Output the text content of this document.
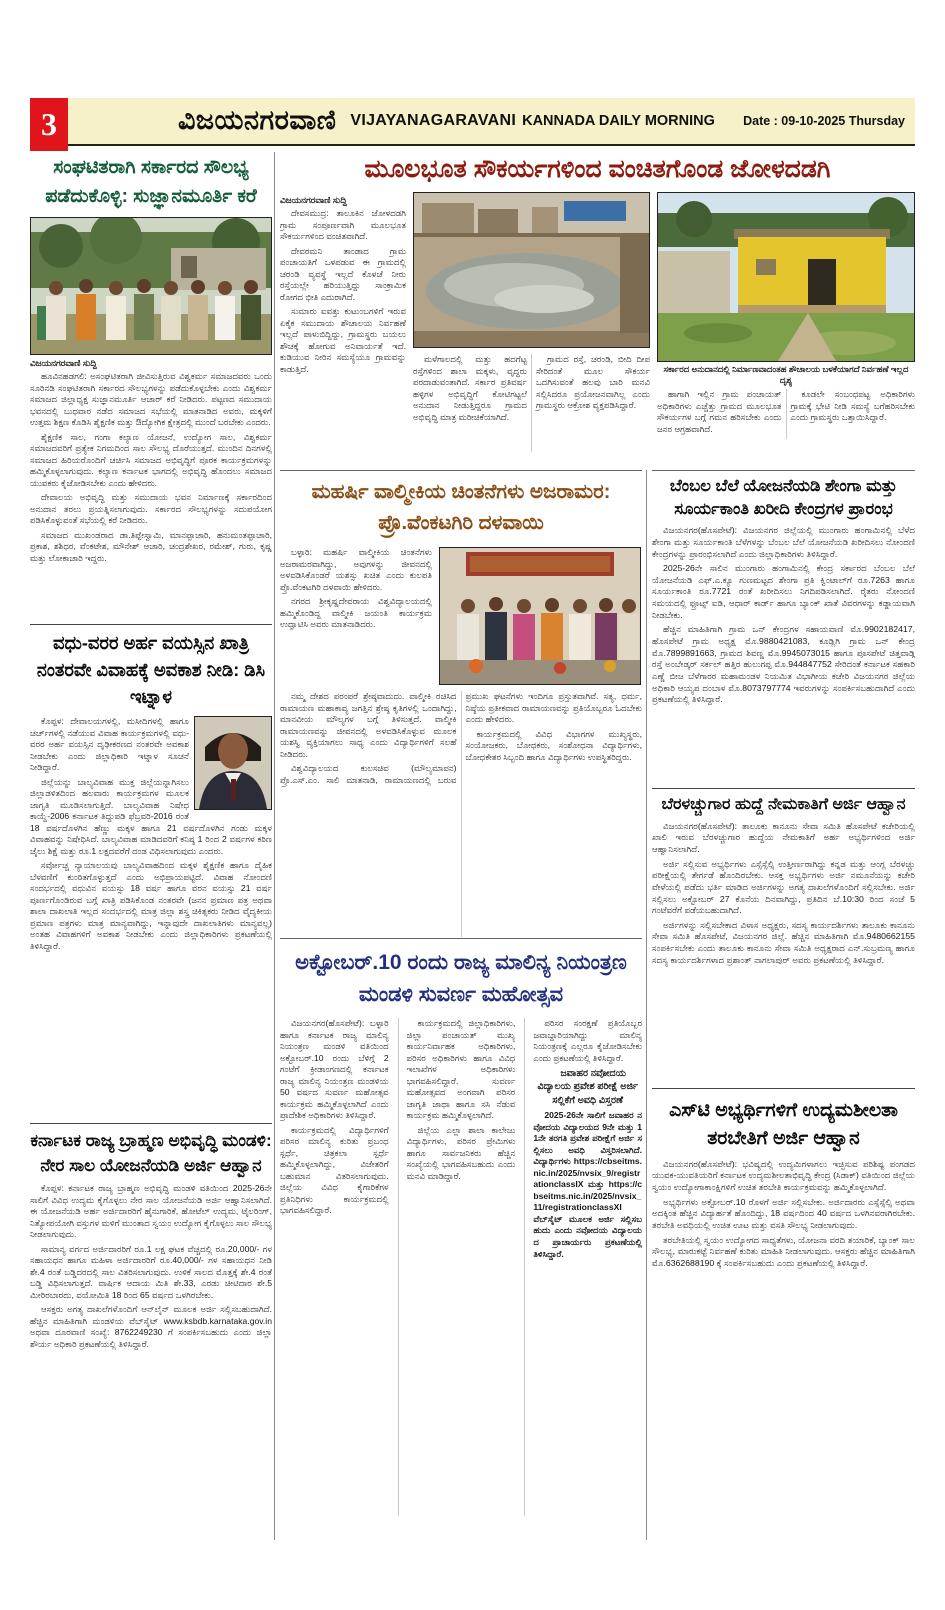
3	ವಿಜಯನಗರವಾಣಿ VIJAYANAGARAVANI KANNADA DAILY MORNING Date : 09-10-2025 Thursday
ಸಂಘಟಿತರಾಗಿ ಸರ್ಕಾರದ ಸೌಲಭ್ಯ ಪಡೆದುಕೊಳ್ಳಿ: ಸುಜ್ಞಾನಮೂರ್ತಿ ಕರೆ
ವಿಜಯನಗರವಾಣಿ ಸುದ್ದಿ

ಹೂವಿನಹಡಗಲಿ: ಅಸಂಘಟಿತರಾಗಿ ಜೀವಿಸುತ್ತಿರುವ ವಿಶ್ವಕರ್ಮ ಸಮಾಜದವರು ಒಂದು ಸೂರಿನಡಿ ಸಂಘಟಿತರಾಗಿ ಸರ್ಕಾರದ ಸೌಲಭ್ಯಗಳನ್ನು ಪಡೆದುಕೊಳ್ಳಬೇಕು ಎಂದು ವಿಶ್ವಕರ್ಮ ಸಮಾಜದ ಜಿಲ್ಲಾಧ್ಯಕ್ಷ ಸುಜ್ಞಾನಮೂರ್ತಿ ಆಚಾರ್ ಕರೆ ನೀಡಿದರು. ಪಟ್ಟಣದ ಸಮುದಾಯ ಭವನದಲ್ಲಿ ಬುಧವಾರ ನಡೆದ ಸಮಾಜದ ಸಭೆಯಲ್ಲಿ ಮಾತನಾಡಿದ ಅವರು, ಮಕ್ಕಳಿಗೆ ಉತ್ತಮ ಶಿಕ್ಷಣ ಕೊಡಿಸಿ ಶೈಕ್ಷಣಿಕ ಮತ್ತು ಔದ್ಯೋಗಿಕ ಕ್ಷೇತ್ರದಲ್ಲಿ ಮುಂದೆ ಬರಬೇಕು ಎಂದರು.

ಶೈಕ್ಷಣಿಕ ಸಾಲ, ಗಂಗಾ ಕಲ್ಯಾಣ ಯೋಜನೆ, ಉದ್ಯೋಗ ಸಾಲ, ವಿಶ್ವಕರ್ಮ ಸಮಾಜದವರಿಗೆ ಪ್ರತ್ಯೇಕ ನಿಗಮದಿಂದ ಸಾಲ ಸೌಲಭ್ಯ ದೊರೆಯುತ್ತದೆ. ಮುಂದಿನ ದಿನಗಳಲ್ಲಿ ಸಮಾಜದ ಹಿರಿಯರೊಂದಿಗೆ ಚರ್ಚಿಸಿ ಸಮಾಜದ ಅಭಿವೃದ್ಧಿಗೆ ಪೂರಕ ಕಾರ್ಯಕ್ರಮಗಳನ್ನು ಹಮ್ಮಿಕೊಳ್ಳಲಾಗುವುದು. ಕಲ್ಯಾಣ ಕರ್ನಾಟಕ ಭಾಗದಲ್ಲಿ ಅಭಿವೃದ್ಧಿ ಹೊಂದಲು ಸಮಾಜದ ಯುವಕರು ಕೈಜೋಡಿಸಬೇಕು ಎಂದು ಹೇಳಿದರು.

ದೇವಾಲಯ ಅಭಿವೃದ್ಧಿ ಮತ್ತು ಸಮುದಾಯ ಭವನ ನಿರ್ಮಾಣಕ್ಕೆ ಸರ್ಕಾರದಿಂದ ಅನುದಾನ ತರಲು ಪ್ರಯತ್ನಿಸಲಾಗುವುದು. ಸರ್ಕಾರದ ಸೌಲಭ್ಯಗಳನ್ನು ಸದುಪಯೋಗ ಪಡಿಸಿಕೊಳ್ಳುವಂತೆ ಸಭೆಯಲ್ಲಿ ಕರೆ ನೀಡಿದರು.

ಸಮಾಜದ ಮುಖಂಡರಾದ ಡಾ.ತಿಪ್ಪೇಸ್ವಾಮಿ, ಮಾನಪ್ಪಾಚಾರಿ, ಹನುಮಂತಪ್ಪಾಚಾರಿ, ಪ್ರಕಾಶ, ಶಶಿಧರ, ವೆಂಕಟೇಶ, ಮೌನೇಶ್ ಆಚಾರಿ, ಚಂದ್ರಶೇಖರ, ರಮೇಶ್, ಗುರು, ಕೃಷ್ಣ ಮತ್ತು ಲೋಕಾಚಾರಿ ಇದ್ದರು.

ವಧು-ವರರ ಅರ್ಹ ವಯಸ್ಸಿನ ಖಾತ್ರಿ ನಂತರವೇ ವಿವಾಹಕ್ಕೆ ಅವಕಾಶ ನೀಡಿ: ಡಿಸಿ ಇಟ್ನಾಳ

ಕೊಪ್ಪಳ: ದೇವಾಲಯಗಳಲ್ಲಿ, ಮಸೀದಿಗಳಲ್ಲಿ ಹಾಗೂ ಚರ್ಚ್‌ಗಳಲ್ಲಿ ನಡೆಯುವ ವಿವಾಹ ಕಾರ್ಯಕ್ರಮಗಳಲ್ಲಿ ವಧು-ವರರ ಅರ್ಹ ವಯಸ್ಸಿನ ದೃಢೀಕರಣದ ನಂತರವೇ ಅವಕಾಶ ನೀಡಬೇಕು ಎಂದು ಜಿಲ್ಲಾಧಿಕಾರಿ ಇಟ್ನಾಳ ಸೂಚನೆ ನೀಡಿದ್ದಾರೆ.

ಜಿಲ್ಲೆಯನ್ನು ಬಾಲ್ಯವಿವಾಹ ಮುಕ್ತ ಜಿಲ್ಲೆಯನ್ನಾಗಿಸಲು ಜಿಲ್ಲಾಡಳಿತದಿಂದ ಹಲವಾರು ಕಾರ್ಯಕ್ರಮಗಳ ಮೂಲಕ ಜಾಗೃತಿ ಮೂಡಿಸಲಾಗುತ್ತಿದೆ. ಬಾಲ್ಯವಿವಾಹ ನಿಷೇಧ ಕಾಯ್ದೆ-2006 ಕರ್ನಾಟಕ ತಿದ್ದುಪಡಿ ಫೆಬ್ರವರಿ-2016 ರಂತೆ 18 ವರ್ಷದೊಳಗಿನ ಹೆಣ್ಣು ಮಕ್ಕಳ ಹಾಗೂ 21 ವರ್ಷದೊಳಗಿನ ಗಂಡು ಮಕ್ಕಳ ವಿವಾಹವನ್ನು ನಿಷೇಧಿಸಿದೆ. ಬಾಲ್ಯವಿವಾಹ ಮಾಡಿದವರಿಗೆ ಕನಿಷ್ಠ 1 ರಿಂದ 2 ವರ್ಷಗಳ ಕಠಿಣ ಜೈಲು ಶಿಕ್ಷೆ ಮತ್ತು ರೂ.1 ಲಕ್ಷದವರೆಗೆ ದಂಡ ವಿಧಿಸಲಾಗುವುದು ಎಂದರು.

ಸರ್ವೋಚ್ಚ ನ್ಯಾಯಾಲಯವು ಬಾಲ್ಯವಿವಾಹದಿಂದ ಮಕ್ಕಳ ಶೈಕ್ಷಣಿಕ ಹಾಗೂ ದೈಹಿಕ ಬೆಳವಣಿಗೆ ಕುಂಠಿತಗೊಳ್ಳುತ್ತದೆ ಎಂದು ಅಭಿಪ್ರಾಯಪಟ್ಟಿದೆ. ವಿವಾಹ ನೋಂದಣಿ ಸಂದರ್ಭದಲ್ಲಿ ವಧುವಿನ ವಯಸ್ಸು 18 ವರ್ಷ ಹಾಗೂ ವರನ ವಯಸ್ಸು 21 ವರ್ಷ ಪೂರ್ಣಗೊಂಡಿರುವ ಬಗ್ಗೆ ಖಾತ್ರಿ ಪಡಿಸಿಕೊಂಡ ನಂತರವೇ (ಜನನ ಪ್ರಮಾಣ ಪತ್ರ ಅಥವಾ ಶಾಲಾ ದಾಖಲಾತಿ ಇಲ್ಲದ ಸಂದರ್ಭದಲ್ಲಿ ಮಾತ್ರ ಜಿಲ್ಲಾ ಶಸ್ತ್ರ ಚಿಕಿತ್ಸಕರು ನೀಡಿದ ವೈದ್ಯಕೀಯ ಪ್ರಮಾಣ ಪತ್ರಗಳು ಮಾತ್ರ ಮಾನ್ಯವಾಗಿದ್ದು, ಇನ್ನಾವುದೇ ದಾಖಲಾತಿಗಳು ಮಾನ್ಯವಲ್ಲ) ಅಂತಹ ವಿವಾಹಗಳಿಗೆ ಅವಕಾಶ ನೀಡಬೇಕು ಎಂದು ಜಿಲ್ಲಾಧಿಕಾರಿಗಳು ಪ್ರಕಟಣೆಯಲ್ಲಿ ತಿಳಿಸಿದ್ದಾರೆ.

ಕರ್ನಾಟಕ ರಾಜ್ಯ ಬ್ರಾಹ್ಮಣ ಅಭಿವೃದ್ಧಿ ಮಂಡಳಿ: ನೇರ ಸಾಲ ಯೋಜನೆಯಡಿ ಅರ್ಜಿ ಆಹ್ವಾನ

ಕೊಪ್ಪಳ: ಕರ್ನಾಟಕ ರಾಜ್ಯ ಬ್ರಾಹ್ಮಣ ಅಭಿವೃದ್ಧಿ ಮಂಡಳಿ ವತಿಯಿಂದ 2025-26ನೇ ಸಾಲಿಗೆ ವಿವಿಧ ಉದ್ಯಮ ಕೈಗೊಳ್ಳಲು ನೇರ ಸಾಲ ಯೋಜನೆಯಡಿ ಅರ್ಜಿ ಆಹ್ವಾನಿಸಲಾಗಿದೆ. ಈ ಯೋಜನೆಯಡಿ ಅರ್ಹ ಅರ್ಜಿದಾರರಿಗೆ ಹೈನುಗಾರಿಕೆ, ಹೋಟೆಲ್ ಉದ್ಯಮ, ಟೈಲರಿಂಗ್, ನಿತ್ಯೋಪಯೋಗಿ ವಸ್ತುಗಳ ಮಳಿಗೆ ಮುಂತಾದ ಸ್ವಯಂ ಉದ್ಯೋಗ ಕೈಗೊಳ್ಳಲು ಸಾಲ ಸೌಲಭ್ಯ ನೀಡಲಾಗುವುದು.

ಸಾಮಾನ್ಯ ವರ್ಗದ ಅರ್ಜಿದಾರರಿಗೆ ರೂ.1 ಲಕ್ಷ ಘಟಕ ವೆಚ್ಚದಲ್ಲಿ ರೂ.20,000/- ಗಳ ಸಹಾಯಧನ ಹಾಗೂ ಮಹಿಳಾ ಅರ್ಜಿದಾರರಿಗೆ ರೂ.40,000/- ಗಳ ಸಹಾಯಧನ ನೀಡಿ ಶೇ.4 ರಂತೆ ಬಡ್ಡಿದರದಲ್ಲಿ ಸಾಲ ವಿತರಿಸಲಾಗುವುದು. ಉಳಿಕೆ ಸಾಲದ ಮೊತ್ತಕ್ಕೆ ಶೇ.4 ರಂತೆ ಬಡ್ಡಿ ವಿಧಿಸಲಾಗುತ್ತದೆ. ವಾರ್ಷಿಕ ಆದಾಯ ಮಿತಿ ಶೇ.33, ಎರಡು ಚೀಟಿದಾರ ಶೇ.5 ಮೀರಿರಬಾರದು, ವಯೋಮಿತಿ 18 ರಿಂದ 65 ವರ್ಷದ ಒಳಗಿರಬೇಕು.

ಆಸಕ್ತರು ಅಗತ್ಯ ದಾಖಲೆಗಳೊಂದಿಗೆ ಆನ್‌ಲೈನ್ ಮೂಲಕ ಅರ್ಜಿ ಸಲ್ಲಿಸಬಹುದಾಗಿದೆ. ಹೆಚ್ಚಿನ ಮಾಹಿತಿಗಾಗಿ ಮಂಡಳಿಯ ವೆಬ್‌ಸೈಟ್ www.ksbdb.karnataka.gov.in ಅಥವಾ ದೂರವಾಣಿ ಸಂಖ್ಯೆ: 8762249230 ಗೆ ಸಂಪರ್ಕಿಸಬಹುದು ಎಂದು ಜಿಲ್ಲಾ ಶೌರ್ಯ ಅಧಿಕಾರಿ ಪ್ರಕಟಣೆಯಲ್ಲಿ ತಿಳಿಸಿದ್ದಾರೆ.

ಮೂಲಭೂತ ಸೌಕರ್ಯಗಳಿಂದ ವಂಚಿತಗೊಂಡ ಜೋಳದಡಗಿ
ವಿಜಯನಗರವಾಣಿ ಸುದ್ದಿ

ದೇವಸಮುದ್ರ: ತಾಲೂಕಿನ ಜೋಳದಡಗಿ ಗ್ರಾಮ ಸಂಪೂರ್ಣವಾಗಿ ಮೂಲಭೂತ ಸೌಕರ್ಯಗಳಿಂದ ವಂಚಿತವಾಗಿದೆ.

ದೇವರಮನಿ ತಾಂಡಾದ ಗ್ರಾಮ ಪಂಚಾಯತಿಗೆ ಒಳಪಡುವ ಈ ಗ್ರಾಮದಲ್ಲಿ ಚರಂಡಿ ವ್ಯವಸ್ಥೆ ಇಲ್ಲದೆ ಕೊಳಚೆ ನೀರು ರಸ್ತೆಯಲ್ಲೇ ಹರಿಯುತ್ತಿದ್ದು ಸಾಂಕ್ರಾಮಿಕ ರೋಗದ ಭೀತಿ ಎದುರಾಗಿದೆ.

ಸುಮಾರು ಐವತ್ತು ಕುಟುಂಬಗಳಿಗೆ ಇರುವ ಏಕೈಕ ಸಮುದಾಯ ಶೌಚಾಲಯ ನಿರ್ವಹಣೆ ಇಲ್ಲದೆ ಪಾಳುಬಿದ್ದಿದ್ದು, ಗ್ರಾಮಸ್ಥರು ಬಯಲು ಶೌಚಕ್ಕೆ ಹೋಗುವ ಅನಿವಾರ್ಯತೆ ಇದೆ. ಕುಡಿಯುವ ನೀರಿನ ಸಮಸ್ಯೆಯೂ ಗ್ರಾಮವನ್ನು ಕಾಡುತ್ತಿದೆ.

ಮಳೆಗಾಲದಲ್ಲಿ ಮತ್ತು ಹದಗೆಟ್ಟ ರಸ್ತೆಗಳಿಂದ ಶಾಲಾ ಮಕ್ಕಳು, ವೃದ್ಧರು ಪರದಾಡುವಂತಾಗಿದೆ. ಸರ್ಕಾರ ಪ್ರತಿವರ್ಷ ಹಳ್ಳಿಗಳ ಅಭಿವೃದ್ಧಿಗೆ ಕೋಟಿಗಟ್ಟಲೆ ಅನುದಾನ ನೀಡುತ್ತಿದ್ದರೂ ಗ್ರಾಮದ ಅಭಿವೃದ್ಧಿ ಮಾತ್ರ ಮರೀಚಿಕೆಯಾಗಿದೆ.

ಗ್ರಾಮದ ರಸ್ತೆ, ಚರಂಡಿ, ಬೀದಿ ದೀಪ ಸೇರಿದಂತೆ ಮೂಲ ಸೌಕರ್ಯ ಒದಗಿಸುವಂತೆ ಹಲವು ಬಾರಿ ಮನವಿ ಸಲ್ಲಿಸಿದರೂ ಪ್ರಯೋಜನವಾಗಿಲ್ಲ ಎಂದು ಗ್ರಾಮಸ್ಥರು ಆಕ್ರೋಶ ವ್ಯಕ್ತಪಡಿಸಿದ್ದಾರೆ.

ಸರ್ಕಾರದ ಅನುದಾನದಲ್ಲಿ ನಿರ್ಮಾಣವಾದಂತಹ ಶೌಚಾಲಯ ಬಳಕೆಯಾಗದೆ ನಿರ್ವಹಣೆ ಇಲ್ಲದ ದೃಶ್ಯ

ಹಾಗಾಗಿ ಇಲ್ಲಿನ ಗ್ರಾಮ ಪಂಚಾಯತ್ ಅಧಿಕಾರಿಗಳು ಎಚ್ಚೆತ್ತು ಗ್ರಾಮದ ಮೂಲಭೂತ ಸೌಕರ್ಯಗಳ ಬಗ್ಗೆ ಗಮನ ಹರಿಸಬೇಕು ಎಂದು ಜನರ ಆಗ್ರಹವಾಗಿದೆ.

ಕೂಡಲೇ ಸಂಬಂಧಪಟ್ಟ ಅಧಿಕಾರಿಗಳು ಗ್ರಾಮಕ್ಕೆ ಭೇಟಿ ನೀಡಿ ಸಮಸ್ಯೆ ಬಗೆಹರಿಸಬೇಕು ಎಂದು ಗ್ರಾಮಸ್ಥರು ಒತ್ತಾಯಿಸಿದ್ದಾರೆ.

ಮಹರ್ಷಿ ವಾಲ್ಮೀಕಿಯ ಚಿಂತನೆಗಳು ಅಜರಾಮರ: ಪ್ರೊ.ವೆಂಕಟಗಿರಿ ದಳವಾಯಿ

ಬಳ್ಳಾರಿ: ಮಹರ್ಷಿ ವಾಲ್ಮೀಕಿಯ ಚಿಂತನೆಗಳು ಅಜರಾಮರವಾಗಿದ್ದು, ಅವುಗಳನ್ನು ಜೀವನದಲ್ಲಿ ಅಳವಡಿಸಿಕೊಂಡರೆ ಯಶಸ್ಸು ಖಚಿತ ಎಂದು ಕುಲಪತಿ ಪ್ರೊ.ವೆಂಕಟಗಿರಿ ದಳವಾಯಿ ಹೇಳಿದರು.

ನಗರದ ಶ್ರೀಕೃಷ್ಣದೇವರಾಯ ವಿಶ್ವವಿದ್ಯಾಲಯದಲ್ಲಿ ಹಮ್ಮಿಕೊಂಡಿದ್ದ ವಾಲ್ಮೀಕಿ ಜಯಂತಿ ಕಾರ್ಯಕ್ರಮ ಉದ್ಘಾಟಿಸಿ ಅವರು ಮಾತನಾಡಿದರು.

ನಮ್ಮ ದೇಶದ ಪರಂಪರೆ ಶ್ರೇಷ್ಠವಾದುದು. ವಾಲ್ಮೀಕಿ ರಚಿಸಿದ ರಾಮಾಯಣ ಮಹಾಕಾವ್ಯ ಜಗತ್ತಿನ ಶ್ರೇಷ್ಠ ಕೃತಿಗಳಲ್ಲಿ ಒಂದಾಗಿದ್ದು, ಮಾನವೀಯ ಮೌಲ್ಯಗಳ ಬಗ್ಗೆ ತಿಳಿಸುತ್ತದೆ. ವಾಲ್ಮೀಕಿ ರಾಮಾಯಣವನ್ನು ಜೀವನದಲ್ಲಿ ಅಳವಡಿಸಿಕೊಳ್ಳುವ ಮೂಲಕ ಯಶಸ್ವಿ ವ್ಯಕ್ತಿಯಾಗಲು ಸಾಧ್ಯ ಎಂದು ವಿದ್ಯಾರ್ಥಿಗಳಿಗೆ ಸಲಹೆ ನೀಡಿದರು.

ವಿಶ್ವವಿದ್ಯಾಲಯದ ಕುಲಸಚಿವ (ಮೌಲ್ಯಮಾಪನ) ಪ್ರೊ.ಎಸ್.ಎಂ. ಸಾಲಿ ಮಾತನಾಡಿ, ರಾಮಾಯಣದಲ್ಲಿ ಬರುವ ಪ್ರಮುಖ ಘಟನೆಗಳು ಇಂದಿಗೂ ಪ್ರಸ್ತುತವಾಗಿವೆ. ಸತ್ಯ, ಧರ್ಮ, ನಿಷ್ಠೆಯ ಪ್ರತೀಕವಾದ ರಾಮಾಯಣವನ್ನು ಪ್ರತಿಯೊಬ್ಬರೂ ಓದಬೇಕು ಎಂದು ಹೇಳಿದರು.

ಕಾರ್ಯಕ್ರಮದಲ್ಲಿ ವಿವಿಧ ವಿಭಾಗಗಳ ಮುಖ್ಯಸ್ಥರು, ಸಂಯೋಜಕರು, ಬೋಧಕರು, ಸಂಶೋಧನಾ ವಿದ್ಯಾರ್ಥಿಗಳು, ಬೋಧಕೇತರ ಸಿಬ್ಬಂದಿ ಹಾಗೂ ವಿದ್ಯಾರ್ಥಿಗಳು ಉಪಸ್ಥಿತರಿದ್ದರು.

ಅಕ್ಟೋಬರ್.10 ರಂದು ರಾಜ್ಯ ಮಾಲಿನ್ಯ ನಿಯಂತ್ರಣ ಮಂಡಳಿ ಸುವರ್ಣ ಮಹೋತ್ಸವ

ವಿಜಯನಗರ(ಹೊಸಪೇಟೆ): ಬಳ್ಳಾರಿ ಹಾಗೂ ಕರ್ನಾಟಕ ರಾಜ್ಯ ಮಾಲಿನ್ಯ ನಿಯಂತ್ರಣ ಮಂಡಳಿ ವತಿಯಿಂದ ಅಕ್ಟೋಬರ್.10 ರಂದು ಬೆಳಿಗ್ಗೆ 2 ಗಂಟೆಗೆ ಕ್ರೀಡಾಂಗಣದಲ್ಲಿ ಕರ್ನಾಟಕ ರಾಜ್ಯ ಮಾಲಿನ್ಯ ನಿಯಂತ್ರಣ ಮಂಡಳಿಯ 50 ವರ್ಷದ ಸುವರ್ಣ ಮಹೋತ್ಸವ ಕಾರ್ಯಕ್ರಮ ಹಮ್ಮಿಕೊಳ್ಳಲಾಗಿದೆ ಎಂದು ಪ್ರಾದೇಶಿಕ ಅಧಿಕಾರಿಗಳು ತಿಳಿಸಿದ್ದಾರೆ.

ಕಾರ್ಯಕ್ರಮದಲ್ಲಿ ವಿದ್ಯಾರ್ಥಿಗಳಿಗೆ ಪರಿಸರ ಮಾಲಿನ್ಯ ಕುರಿತು ಪ್ರಬಂಧ ಸ್ಪರ್ಧೆ, ಚಿತ್ರಕಲಾ ಸ್ಪರ್ಧೆ ಹಮ್ಮಿಕೊಳ್ಳಲಾಗಿದ್ದು, ವಿಜೇತರಿಗೆ ಬಹುಮಾನ ವಿತರಿಸಲಾಗುವುದು. ಜಿಲ್ಲೆಯ ವಿವಿಧ ಕೈಗಾರಿಕೆಗಳ ಪ್ರತಿನಿಧಿಗಳು ಕಾರ್ಯಕ್ರಮದಲ್ಲಿ ಭಾಗವಹಿಸಲಿದ್ದಾರೆ.

ಕಾರ್ಯಕ್ರಮದಲ್ಲಿ ಜಿಲ್ಲಾಧಿಕಾರಿಗಳು, ಜಿಲ್ಲಾ ಪಂಚಾಯತ್ ಮುಖ್ಯ ಕಾರ್ಯನಿರ್ವಾಹಕ ಅಧಿಕಾರಿಗಳು, ಪರಿಸರ ಅಧಿಕಾರಿಗಳು ಹಾಗೂ ವಿವಿಧ ಇಲಾಖೆಗಳ ಅಧಿಕಾರಿಗಳು ಭಾಗವಹಿಸಲಿದ್ದಾರೆ. ಸುವರ್ಣ ಮಹೋತ್ಸವದ ಅಂಗವಾಗಿ ಪರಿಸರ ಜಾಗೃತಿ ಜಾಥಾ ಹಾಗೂ ಸಸಿ ನೆಡುವ ಕಾರ್ಯಕ್ರಮ ಹಮ್ಮಿಕೊಳ್ಳಲಾಗಿದೆ.

ಜಿಲ್ಲೆಯ ಎಲ್ಲಾ ಶಾಲಾ ಕಾಲೇಜು ವಿದ್ಯಾರ್ಥಿಗಳು, ಪರಿಸರ ಪ್ರೇಮಿಗಳು ಹಾಗೂ ಸಾರ್ವಜನಿಕರು ಹೆಚ್ಚಿನ ಸಂಖ್ಯೆಯಲ್ಲಿ ಭಾಗವಹಿಸಬಹುದು ಎಂದು ಮನವಿ ಮಾಡಿದ್ದಾರೆ.

ಪರಿಸರ ಸಂರಕ್ಷಣೆ ಪ್ರತಿಯೊಬ್ಬರ ಜವಾಬ್ದಾರಿಯಾಗಿದ್ದು ಮಾಲಿನ್ಯ ನಿಯಂತ್ರಣಕ್ಕೆ ಎಲ್ಲರೂ ಕೈಜೋಡಿಸಬೇಕು ಎಂದು ಪ್ರಕಟಣೆಯಲ್ಲಿ ತಿಳಿಸಿದ್ದಾರೆ.

ಜವಾಹರ ನವೋದಯ ವಿದ್ಯಾಲಯ ಪ್ರವೇಶ ಪರೀಕ್ಷೆ ಅರ್ಜಿ ಸಲ್ಲಿಕೆಗೆ ಅವಧಿ ವಿಸ್ತರಣೆ

2025-26ನೇ ಸಾಲಿಗೆ ಜವಾಹರ ನವೋದಯ ವಿದ್ಯಾಲಯದ 9ನೇ ಮತ್ತು 11ನೇ ತರಗತಿ ಪ್ರವೇಶ ಪರೀಕ್ಷೆಗೆ ಅರ್ಜಿ ಸಲ್ಲಿಸಲು ಅವಧಿ ವಿಸ್ತರಿಸಲಾಗಿದೆ. ವಿದ್ಯಾರ್ಥಿಗಳು https://cbseitms.nic.in/2025/nvsix_9/registrationclassIX ಮತ್ತು https://cbseitms.nic.in/2025/nvsix_11/registrationclassXI ವೆಬ್‌ಸೈಟ್ ಮೂಲಕ ಅರ್ಜಿ ಸಲ್ಲಿಸಬಹುದು ಎಂದು ನವೋದಯ ವಿದ್ಯಾಲಯದ ಪ್ರಾಚಾರ್ಯರು ಪ್ರಕಟಣೆಯಲ್ಲಿ ತಿಳಿಸಿದ್ದಾರೆ.

ಬೆಂಬಲ ಬೆಲೆ ಯೋಜನೆಯಡಿ ಶೇಂಗಾ ಮತ್ತು ಸೂರ್ಯಕಾಂತಿ ಖರೀದಿ ಕೇಂದ್ರಗಳ ಪ್ರಾರಂಭ

ವಿಜಯನಗರ(ಹೊಸಪೇಟೆ): ವಿಜಯನಗರ ಜಿಲ್ಲೆಯಲ್ಲಿ ಮುಂಗಾರು ಹಂಗಾಮಿನಲ್ಲಿ ಬೆಳೆದ ಶೇಂಗಾ ಮತ್ತು ಸೂರ್ಯಕಾಂತಿ ಬೆಳೆಗಳನ್ನು ಬೆಂಬಲ ಬೆಲೆ ಯೋಜನೆಯಡಿ ಖರೀದಿಸಲು ನೋಂದಣಿ ಕೇಂದ್ರಗಳನ್ನು ಪ್ರಾರಂಭಿಸಲಾಗಿದೆ ಎಂದು ಜಿಲ್ಲಾಧಿಕಾರಿಗಳು ತಿಳಿಸಿದ್ದಾರೆ.

2025-26ನೇ ಸಾಲಿನ ಮುಂಗಾರು ಹಂಗಾಮಿನಲ್ಲಿ ಕೇಂದ್ರ ಸರ್ಕಾರದ ಬೆಂಬಲ ಬೆಲೆ ಯೋಜನೆಯಡಿ ಎಫ್.ಎ.ಕ್ಯೂ ಗುಣಮಟ್ಟದ ಶೇಂಗಾ ಪ್ರತಿ ಕ್ವಿಂಟಾಲ್‌ಗೆ ರೂ.7263 ಹಾಗೂ ಸೂರ್ಯಕಾಂತಿ ರೂ.7721 ರಂತೆ ಖರೀದಿಸಲು ನಿಗದಿಪಡಿಸಲಾಗಿದೆ. ರೈತರು ನೋಂದಣಿ ಸಮಯದಲ್ಲಿ ಫ್ರೂಟ್ಸ್ ಐಡಿ, ಆಧಾರ್ ಕಾರ್ಡ್ ಹಾಗೂ ಬ್ಯಾಂಕ್ ಖಾತೆ ವಿವರಗಳನ್ನು ಕಡ್ಡಾಯವಾಗಿ ನೀಡಬೇಕು.

ಹೆಚ್ಚಿನ ಮಾಹಿತಿಗಾಗಿ ಗ್ರಾಮ ಒನ್ ಕೇಂದ್ರಗಳ ಸಹಾಯವಾಣಿ ಮೊ.9902182417, ಹೊಸಪೇಟೆ ಗ್ರಾಮ ಅಧ್ಯಕ್ಷ ಮೊ.9880421083, ಕೂಡ್ಲಿಗಿ ಗ್ರಾಮ ಒನ್ ಕೇಂದ್ರ ಮೊ.7899891663, ಗ್ರಾಮದ ಶಿವಣ್ಣ ಮೊ.9945073015 ಹಾಗೂ ಪೂಸಪೇಟೆ ಚಿತ್ತವಾಡ್ಗಿ ರಸ್ತೆ ಅಂಬೇಡ್ಕರ್ ಸರ್ಕಲ್ ಹತ್ತಿರ ಹುಲುಗಪ್ಪ ಮೊ.944847752 ಸೇರಿದಂತೆ ಕರ್ನಾಟಕ ಸಹಕಾರಿ ಎಣ್ಣೆ ಬೀಜ ಬೆಳೆಗಾರರ ಮಹಾಮಂಡಳ ನಿಯಮಿತ ವಿಭಾಗೀಯ ಕಚೇರಿ ವಿಜಯನಗರ ಜಿಲ್ಲೆಯ ಅಧಿಕಾರಿ ಆಯ್ಯಪ ದಂಬಾಳ ಮೊ.8073797774 ಇವರುಗಳನ್ನು ಸಂಪರ್ಕಿಸಬಹುದಾಗಿದೆ ಎಂದು ಪ್ರಕಟಣೆಯಲ್ಲಿ ತಿಳಿಸಿದ್ದಾರೆ.

ಬೆರಳಚ್ಚುಗಾರ ಹುದ್ದೆ ನೇಮಕಾತಿಗೆ ಅರ್ಜಿ ಆಹ್ವಾನ

ವಿಜಯನಗರ(ಹೊಸಪೇಟೆ): ತಾಲೂಕು ಕಾನೂನು ಸೇವಾ ಸಮಿತಿ ಹೊಸಪೇಟೆ ಕಚೇರಿಯಲ್ಲಿ ಖಾಲಿ ಇರುವ ಬೆರಳಚ್ಚುಗಾರ ಹುದ್ದೆಯ ನೇಮಕಾತಿಗೆ ಅರ್ಹ ಅಭ್ಯರ್ಥಿಗಳಿಂದ ಅರ್ಜಿ ಆಹ್ವಾನಿಸಲಾಗಿದೆ.

ಅರ್ಜಿ ಸಲ್ಲಿಸುವ ಅಭ್ಯರ್ಥಿಗಳು ಎಸ್ಸೆಸ್ಸೆಲ್ಸಿ ಉತ್ತೀರ್ಣರಾಗಿದ್ದು ಕನ್ನಡ ಮತ್ತು ಆಂಗ್ಲ ಬೆರಳಚ್ಚು ಪರೀಕ್ಷೆಯಲ್ಲಿ ತೇರ್ಗಡೆ ಹೊಂದಿರಬೇಕು. ಆಸಕ್ತ ಅಭ್ಯರ್ಥಿಗಳು ಅರ್ಜಿ ನಮೂನೆಯನ್ನು ಕಚೇರಿ ವೇಳೆಯಲ್ಲಿ ಪಡೆದು ಭರ್ತಿ ಮಾಡಿದ ಅರ್ಜಿಗಳನ್ನು ಅಗತ್ಯ ದಾಖಲೆಗಳೊಂದಿಗೆ ಸಲ್ಲಿಸಬೇಕು. ಅರ್ಜಿ ಸಲ್ಲಿಸಲು ಅಕ್ಟೋಬರ್ 27 ಕೊನೆಯ ದಿನವಾಗಿದ್ದು, ಪ್ರತಿದಿನ ಬೆ.10:30 ರಿಂದ ಸಂಜೆ 5 ಗಂಟೆವರೆಗೆ ಪಡೆಯಬಹುದಾಗಿದೆ.

ಅರ್ಜಿಗಳನ್ನು ಸಲ್ಲಿಸಬೇಕಾದ ವಿಳಾಸ ಅಧ್ಯಕ್ಷರು, ಸದಸ್ಯ ಕಾರ್ಯದರ್ಶಿಗಳು ತಾಲೂಕು ಕಾನೂನು ಸೇವಾ ಸಮಿತಿ ಹೊಸಪೇಟೆ, ವಿಜಯನಗರ ಜಿಲ್ಲೆ. ಹೆಚ್ಚಿನ ಮಾಹಿತಿಗಾಗಿ ಮೊ.9480662155 ಸಂಪರ್ಕಿಸಬೇಕು ಎಂದು ತಾಲೂಕು ಕಾನೂನು ಸೇವಾ ಸಮಿತಿ ಅಧ್ಯಕ್ಷರಾದ ಎನ್.ಸುಬ್ರಮಣ್ಯ ಹಾಗೂ ಸದಸ್ಯ ಕಾರ್ಯದರ್ಶಿಗಳಾದ ಪ್ರಶಾಂತ್ ನಾಗಲಾಪುರ್ ಅವರು ಪ್ರಕಟಣೆಯಲ್ಲಿ ತಿಳಿಸಿದ್ದಾರೆ.

ಎಸ್‌ಟಿ ಅಭ್ಯರ್ಥಿಗಳಿಗೆ ಉದ್ಯಮಶೀಲತಾ ತರಬೇತಿಗೆ ಅರ್ಜಿ ಆಹ್ವಾನ

ವಿಜಯನಗರ(ಹೊಸಪೇಟೆ): ಭವಿಷ್ಯದಲ್ಲಿ ಉದ್ಯಮಿಗಳಾಗಲು ಇಚ್ಛಿಸುವ ಪರಿಶಿಷ್ಟ ಪಂಗಡದ ಯುವಕ-ಯುವತಿಯರಿಗೆ ಕರ್ನಾಟಕ ಉದ್ಯಮಶೀಲತಾಭಿವೃದ್ಧಿ ಕೇಂದ್ರ (ಸಿಡಾಕ್) ವತಿಯಿಂದ ಜಿಲ್ಲೆಯ ಸ್ವಯಂ ಉದ್ಯೋಗಾಕಾಂಕ್ಷಿಗಳಿಗೆ ಉಚಿತ ತರಬೇತಿ ಕಾರ್ಯಕ್ರಮವನ್ನು ಹಮ್ಮಿಕೊಳ್ಳಲಾಗಿದೆ.

ಅಭ್ಯರ್ಥಿಗಳು ಅಕ್ಟೋಬರ್.10 ರೊಳಗೆ ಅರ್ಜಿ ಸಲ್ಲಿಸಬೇಕು. ಅರ್ಜಿದಾರರು ಎಸ್ಸೆಸ್ಸೆಲ್ಸಿ ಅಥವಾ ಅದಕ್ಕಿಂತ ಹೆಚ್ಚಿನ ವಿದ್ಯಾರ್ಹತೆ ಹೊಂದಿದ್ದು, 18 ವರ್ಷದಿಂದ 40 ವರ್ಷದ ಒಳಗಿನವರಾಗಿರಬೇಕು. ತರಬೇತಿ ಅವಧಿಯಲ್ಲಿ ಉಚಿತ ಊಟ ಮತ್ತು ವಸತಿ ಸೌಲಭ್ಯ ನೀಡಲಾಗುವುದು.

ತರಬೇತಿಯಲ್ಲಿ ಸ್ವಯಂ ಉದ್ಯೋಗದ ಸಾಧ್ಯತೆಗಳು, ಯೋಜನಾ ವರದಿ ತಯಾರಿಕೆ, ಬ್ಯಾಂಕ್ ಸಾಲ ಸೌಲಭ್ಯ, ಮಾರುಕಟ್ಟೆ ನಿರ್ವಹಣೆ ಕುರಿತು ಮಾಹಿತಿ ನೀಡಲಾಗುವುದು. ಆಸಕ್ತರು ಹೆಚ್ಚಿನ ಮಾಹಿತಿಗಾಗಿ ಮೊ.6362688190 ಕ್ಕೆ ಸಂಪರ್ಕಿಸಬಹುದು ಎಂದು ಪ್ರಕಟಣೆಯಲ್ಲಿ ತಿಳಿಸಿದ್ದಾರೆ.
